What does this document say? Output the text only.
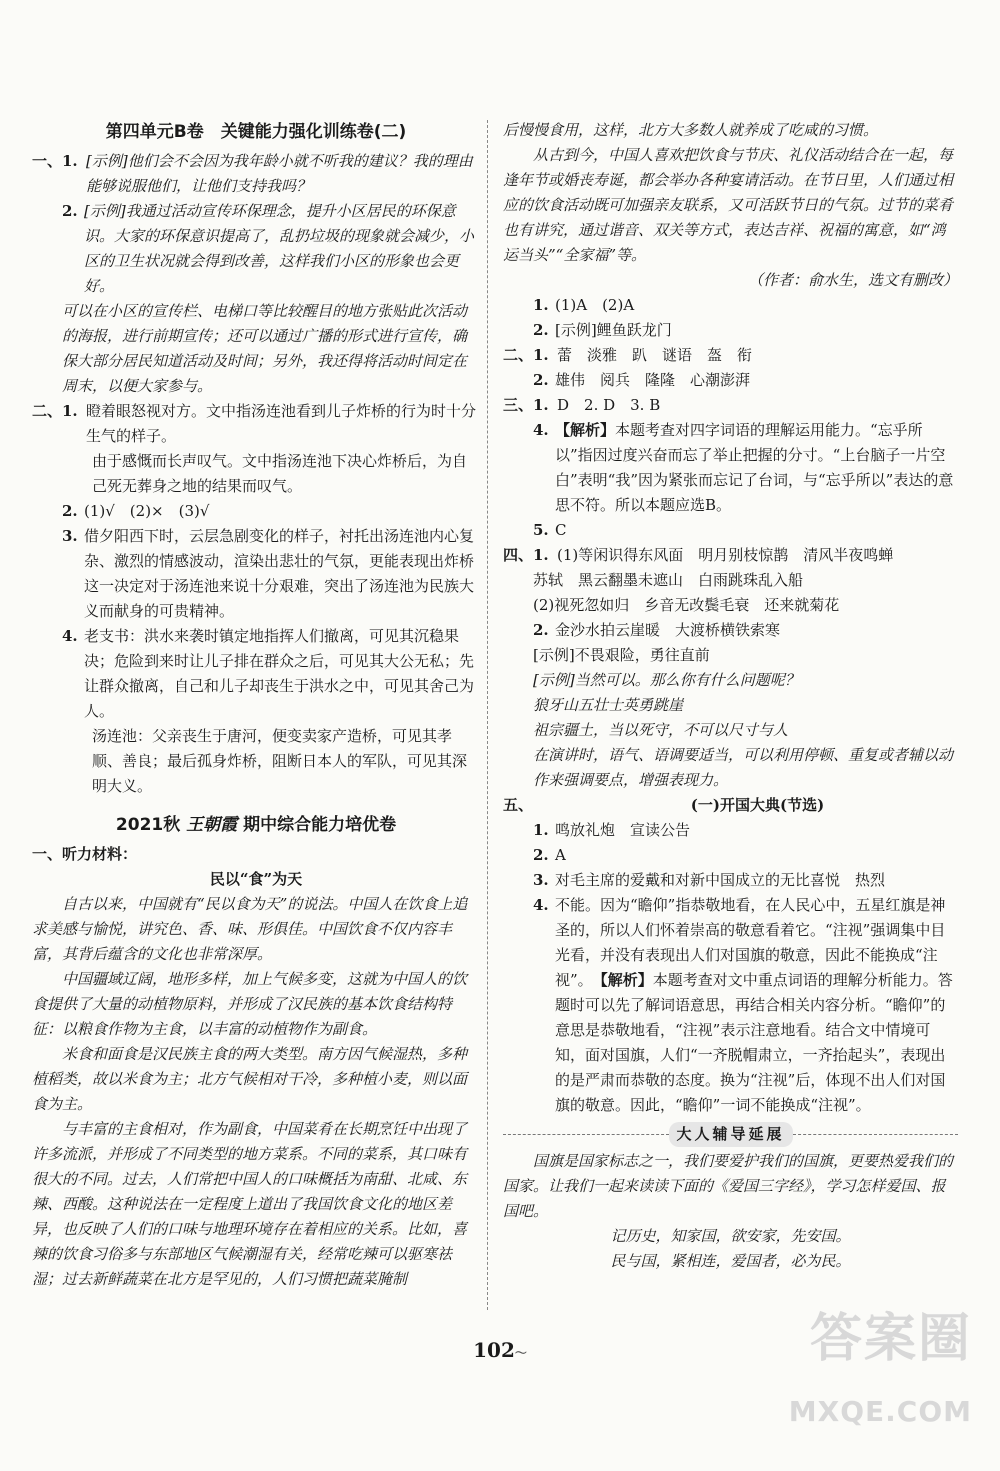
第四单元B卷　关键能力强化训练卷(二)
一、1. [示例]他们会不会因为我年龄小就不听我的建议？我的理由能够说服他们，让他们支持我吗？
2. [示例]我通过活动宣传环保理念，提升小区居民的环保意识。大家的环保意识提高了，乱扔垃圾的现象就会减少，小区的卫生状况就会得到改善，这样我们小区的形象也会更好。

可以在小区的宣传栏、电梯口等比较醒目的地方张贴此次活动的海报，进行前期宣传；还可以通过广播的形式进行宣传，确保大部分居民知道活动及时间；另外，我还得将活动时间定在周末，以便大家参与。

二、1. 瞪着眼怒视对方。文中指汤连池看到儿子炸桥的行为时十分生气的样子。

由于感慨而长声叹气。文中指汤连池下决心炸桥后，为自己死无葬身之地的结果而叹气。

2. (1)√　(2)×　(3)√
3. 借夕阳西下时，云层急剧变化的样子，衬托出汤连池内心复杂、激烈的情感波动，渲染出悲壮的气氛，更能表现出炸桥这一决定对于汤连池来说十分艰难，突出了汤连池为民族大义而献身的可贵精神。
4. 老支书：洪水来袭时镇定地指挥人们撤离，可见其沉稳果决；危险到来时让儿子排在群众之后，可见其大公无私；先让群众撤离，自己和儿子却丧生于洪水之中，可见其舍己为人。

汤连池：父亲丧生于唐河，便变卖家产造桥，可见其孝顺、善良；最后孤身炸桥，阻断日本人的军队，可见其深明大义。

2021秋 王朝霞 期中综合能力培优卷
一、听力材料：
民以“食”为天

自古以来，中国就有“民以食为天”的说法。中国人在饮食上追求美感与愉悦，讲究色、香、味、形俱佳。中国饮食不仅内容丰富，其背后蕴含的文化也非常深厚。

中国疆域辽阔，地形多样，加上气候多变，这就为中国人的饮食提供了大量的动植物原料，并形成了汉民族的基本饮食结构特征：以粮食作物为主食，以丰富的动植物作为副食。

米食和面食是汉民族主食的两大类型。南方因气候湿热，多种植稻类，故以米食为主；北方气候相对干冷，多种植小麦，则以面食为主。

与丰富的主食相对，作为副食，中国菜肴在长期烹饪中出现了许多流派，并形成了不同类型的地方菜系。不同的菜系，其口味有很大的不同。过去，人们常把中国人的口味概括为南甜、北咸、东辣、西酸。这种说法在一定程度上道出了我国饮食文化的地区差异，也反映了人们的口味与地理环境存在着相应的关系。比如，喜辣的饮食习俗多与东部地区气候潮湿有关，经常吃辣可以驱寒祛湿；过去新鲜蔬菜在北方是罕见的，人们习惯把蔬菜腌制

后慢慢食用，这样，北方大多数人就养成了吃咸的习惯。

从古到今，中国人喜欢把饮食与节庆、礼仪活动结合在一起，每逢年节或婚丧寿诞，都会举办各种宴请活动。在节日里，人们通过相应的饮食活动既可加强亲友联系，又可活跃节日的气氛。过节的菜肴也有讲究，通过谐音、双关等方式，表达吉祥、祝福的寓意，如“鸿运当头”“全家福”等。

（作者：俞水生，选文有删改）
1. (1)A　(2)A
2. [示例]鲤鱼跃龙门
二、1. 蕾　淡雅　趴　谜语　盔　衔
2. 雄伟　阅兵　隆隆　心潮澎湃
三、1. D　2. D　3. B
4. 【解析】本题考查对四字词语的理解运用能力。“忘乎所以”指因过度兴奋而忘了举止把握的分寸。“上台脑子一片空白”表明“我”因为紧张而忘记了台词，与“忘乎所以”表达的意思不符。所以本题应选B。
5. C
四、1. (1)等闲识得东风面　明月别枝惊鹊　清风半夜鸣蝉

苏轼　黑云翻墨未遮山　白雨跳珠乱入船

(2)视死忽如归　乡音无改鬓毛衰　还来就菊花

2. 金沙水拍云崖暖　大渡桥横铁索寒

[示例]不畏艰险，勇往直前

[示例]当然可以。那么你有什么问题呢？

狼牙山五壮士英勇跳崖

祖宗疆土，当以死守，不可以尺寸与人

在演讲时，语气、语调要适当，可以利用停顿、重复或者辅以动作来强调要点，增强表现力。

五、	(一)开国大典(节选)
1. 鸣放礼炮　宣读公告
2. A
3. 对毛主席的爱戴和对新中国成立的无比喜悦　热烈
4. 不能。因为“瞻仰”指恭敬地看，在人民心中，五星红旗是神圣的，所以人们怀着崇高的敬意看着它。“注视”强调集中目光看，并没有表现出人们对国旗的敬意，因此不能换成“注视”。　 【解析】本题考查对文中重点词语的理解分析能力。答题时可以先了解词语意思，再结合相关内容分析。“瞻仰”的意思是恭敬地看，“注视”表示注意地看。结合文中情境可知，面对国旗，人们“一齐脱帽肃立，一齐抬起头”，表现出的是严肃而恭敬的态度。换为“注视”后，体现不出人们对国旗的敬意。因此，“瞻仰”一词不能换成“注视”。
大人辅导延展

国旗是国家标志之一，我们要爱护我们的国旗，更要热爱我们的国家。让我们一起来读读下面的《爱国三字经》，学习怎样爱国、报国吧。

记历史，知家国，欲安家，先安国。
民与国，紧相连，爱国者，必为民。
102～	答案圈
MXQE.COM
